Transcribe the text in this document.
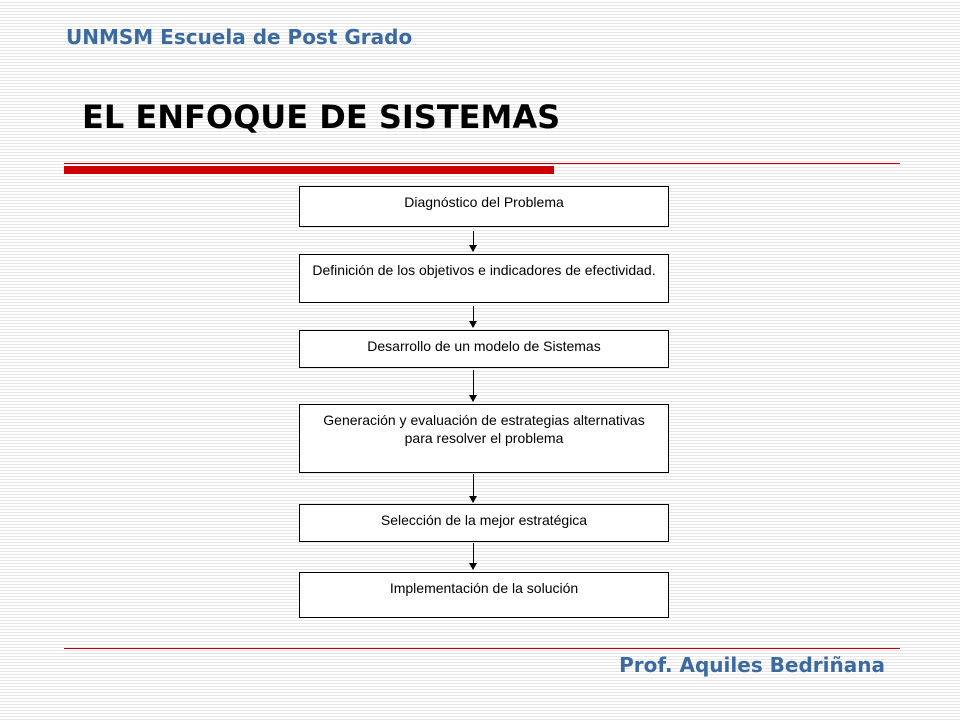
UNMSM Escuela de Post Grado
EL ENFOQUE DE SISTEMAS
Diagnóstico del Problema
Definición de los objetivos e indicadores de efectividad.
Desarrollo de un modelo de Sistemas
Generación y evaluación de estrategias alternativas para resolver el problema
Selección de la mejor estratégica
Implementación de la solución
Prof. Aquiles Bedriñana
